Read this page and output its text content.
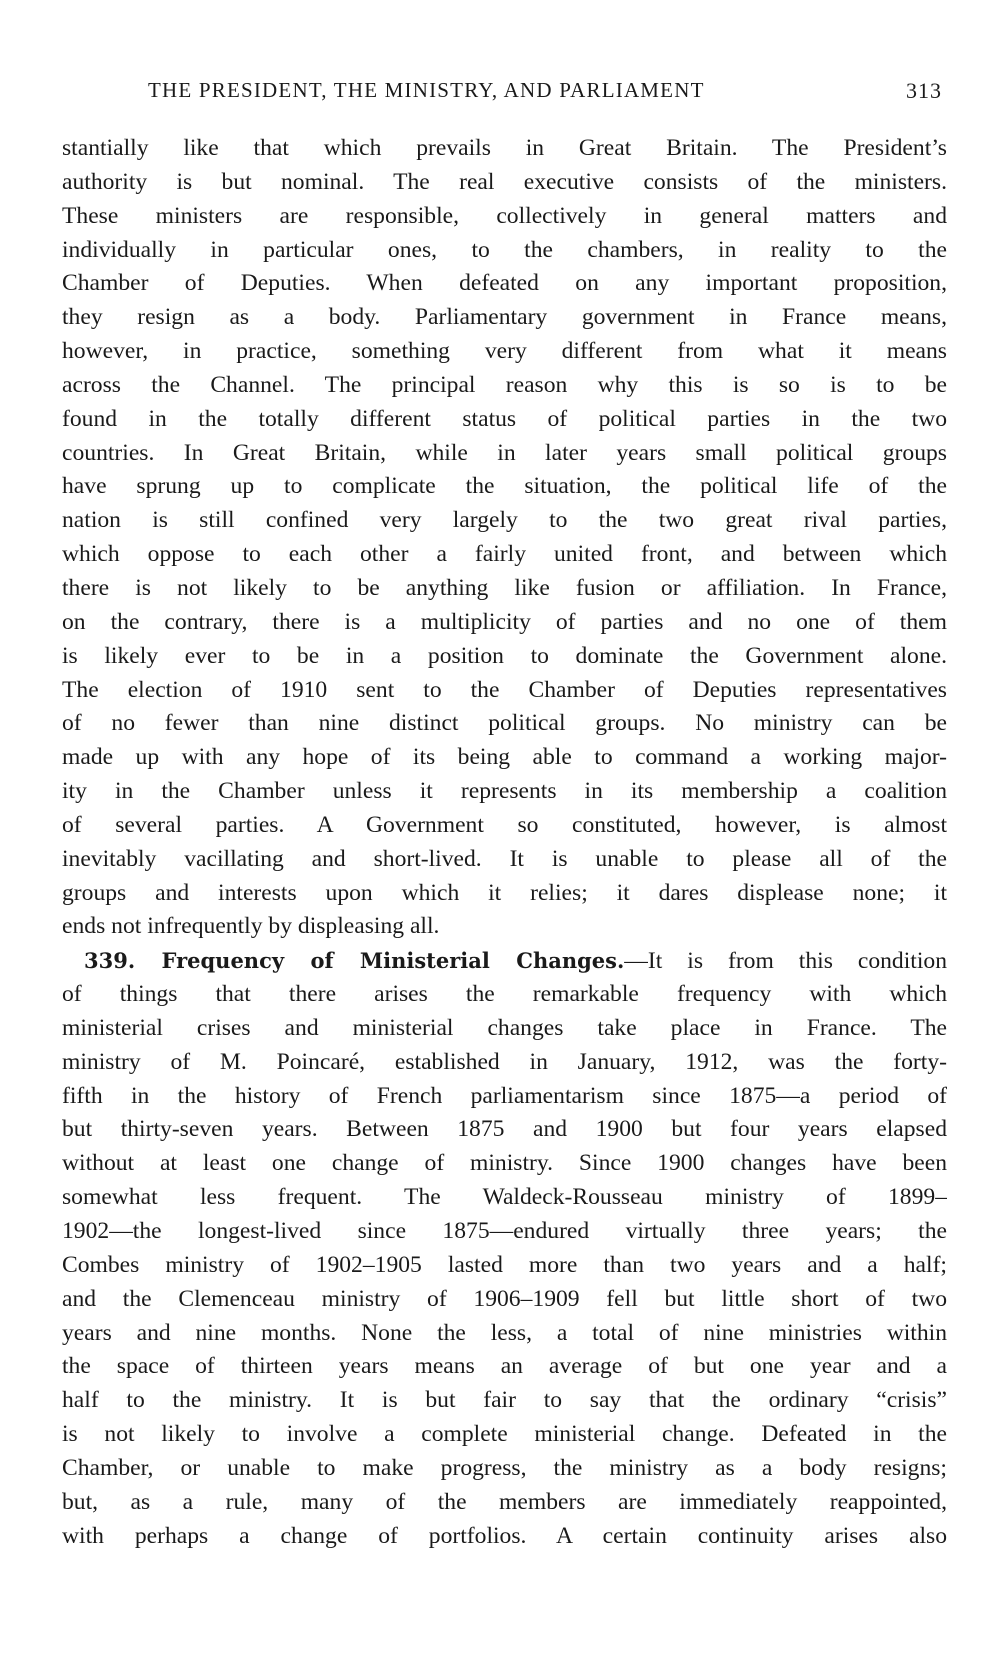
THE PRESIDENT, THE MINISTRY, AND PARLIAMENT	313
stantially like that which prevails in Great Britain. The President’s
authority is but nominal. The real executive consists of the ministers.
These ministers are responsible, collectively in general matters and
individually in particular ones, to the chambers, in reality to the
Chamber of Deputies. When defeated on any important proposition,
they resign as a body. Parliamentary government in France means,
however, in practice, something very different from what it means
across the Channel. The principal reason why this is so is to be
found in the totally different status of political parties in the two
countries. In Great Britain, while in later years small political groups
have sprung up to complicate the situation, the political life of the
nation is still confined very largely to the two great rival parties,
which oppose to each other a fairly united front, and between which
there is not likely to be anything like fusion or affiliation. In France,
on the contrary, there is a multiplicity of parties and no one of them
is likely ever to be in a position to dominate the Government alone.
The election of 1910 sent to the Chamber of Deputies representatives
of no fewer than nine distinct political groups. No ministry can be
made up with any hope of its being able to command a working major-
ity in the Chamber unless it represents in its membership a coalition
of several parties. A Government so constituted, however, is almost
inevitably vacillating and short-lived. It is unable to please all of the
groups and interests upon which it relies; it dares displease none; it
ends not infrequently by displeasing all.
339. Frequency of Ministerial Changes.—It is from this condition
of things that there arises the remarkable frequency with which
ministerial crises and ministerial changes take place in France. The
ministry of M. Poincaré, established in January, 1912, was the forty-
fifth in the history of French parliamentarism since 1875—a period of
but thirty-seven years. Between 1875 and 1900 but four years elapsed
without at least one change of ministry. Since 1900 changes have been
somewhat less frequent. The Waldeck-Rousseau ministry of 1899–
1902—the longest-lived since 1875—endured virtually three years; the
Combes ministry of 1902–1905 lasted more than two years and a half;
and the Clemenceau ministry of 1906–1909 fell but little short of two
years and nine months. None the less, a total of nine ministries within
the space of thirteen years means an average of but one year and a
half to the ministry. It is but fair to say that the ordinary “crisis”
is not likely to involve a complete ministerial change. Defeated in the
Chamber, or unable to make progress, the ministry as a body resigns;
but, as a rule, many of the members are immediately reappointed,
with perhaps a change of portfolios. A certain continuity arises also
